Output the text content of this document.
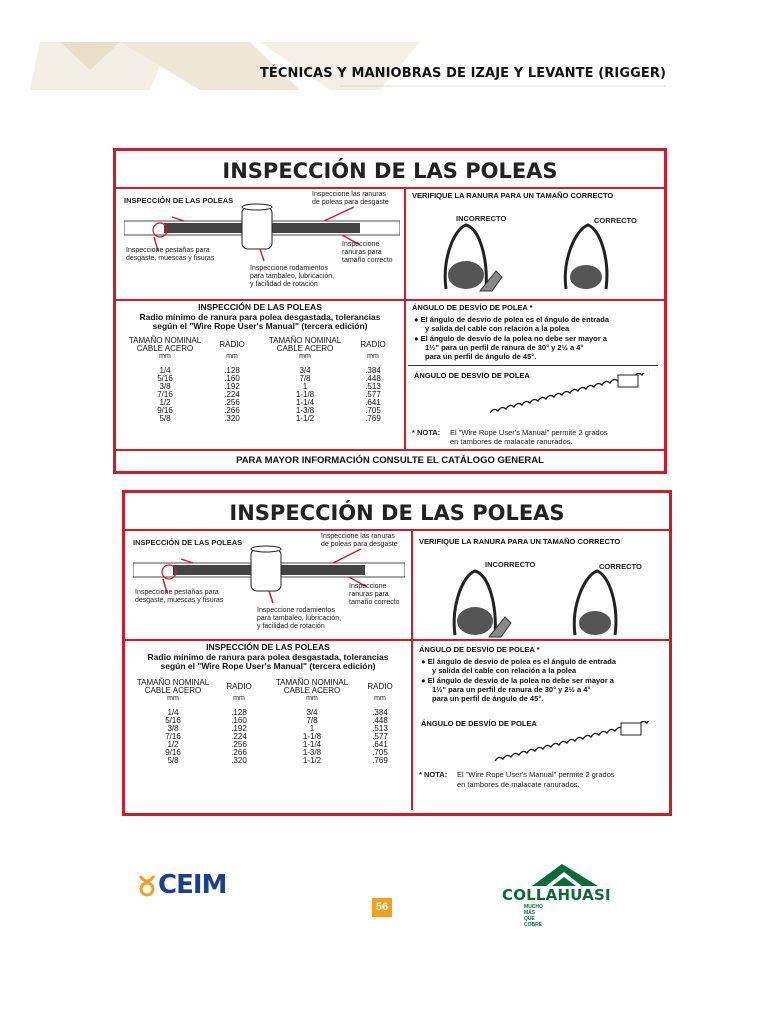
TÉCNICAS Y MANIOBRAS DE IZAJE Y LEVANTE (RIGGER)
INSPECCIÓN DE LAS POLEAS
INSPECCIÓN DE LAS POLEAS
Inspeccione las ranuras
de poleas para desgaste
Inspeccione pestañas para
desgaste, muescas y fisuras
Inspeccione
ranuras para
tamaño correcto
Inspeccione rodamientos
para tambaleo, lubricación,
y facilidad de rotación
VERIFIQUE LA RANURA PARA UN TAMAÑO CORRECTO
INCORRECTO	CORRECTO
INSPECCIÓN DE LAS POLEAS
Radio mínimo de ranura para polea desgastada, tolerancias
según el "Wire Rope User's Manual" (tercera edición)
TAMAÑO NOMINAL
CABLE ACERO	RADIO	TAMAÑO NOMINAL
CABLE ACERO	RADIO
mm	mm	mm	mm

1/4	.128	3/4	.384
5/16	.160	7/8	.448
3/8	.192	1	.513
7/16	.224	1-1/8	.577
1/2	.256	1-1/4	.641
9/16	.266	1-3/8	.705
5/8	.320	1-1/2	.769
ÁNGULO DE DESVÍO DE POLEA *
● El ángulo de desvío de polea es el ángulo de entrada
y salida del cable con relación a la polea
● El ángulo de desvío de la polea no debe ser mayor a
1½" para un perfil de ranura de 30° y 2½ a 4°
para un perfil de ángulo de 45°.
ÁNGULO DE DESVÍO DE POLEA
* NOTA: El "Wire Rope User's Manual" permite 2 grados
en tambores de malacate ranurados.
PARA MAYOR INFORMACIÓN CONSULTE EL CATÁLOGO GENERAL
INSPECCIÓN DE LAS POLEAS
INSPECCIÓN DE LAS POLEAS
Inspeccione las ranuras
de poleas para desgaste
Inspeccione pestañas para
desgaste, muescas y fisuras
Inspeccione
ranuras para
tamaño correcto
Inspeccione rodamientos
para tambaleo, lubricación,
y facilidad de rotación
VERIFIQUE LA RANURA PARA UN TAMAÑO CORRECTO
INCORRECTO	CORRECTO
INSPECCIÓN DE LAS POLEAS
Radio mínimo de ranura para polea desgastada, tolerancias
según el "Wire Rope User's Manual" (tercera edición)
TAMAÑO NOMINAL
CABLE ACERO	RADIO	TAMAÑO NOMINAL
CABLE ACERO	RADIO
mm	mm	mm	mm

1/4	.128	3/4	.384
5/16	.160	7/8	.448
3/8	.192	1	.513
7/16	.224	1-1/8	.577
1/2	.256	1-1/4	.641
9/16	.266	1-3/8	.705
5/8	.320	1-1/2	.769
ÁNGULO DE DESVÍO DE POLEA *
● El ángulo de desvío de polea es el ángulo de entrada
y salida del cable con relación a la polea
● El ángulo de desvío de la polea no debe ser mayor a
1½" para un perfil de ranura de 30° y 2½ a 4°
para un perfil de ángulo de 45°.
ÁNGULO DE DESVÍO DE POLEA
* NOTA: El "Wire Rope User's Manual" permite 2 grados
en tambores de malacate ranurados.
CEIM
56
COLLAHUASI
MUCHO MÁS QUE COBRE
